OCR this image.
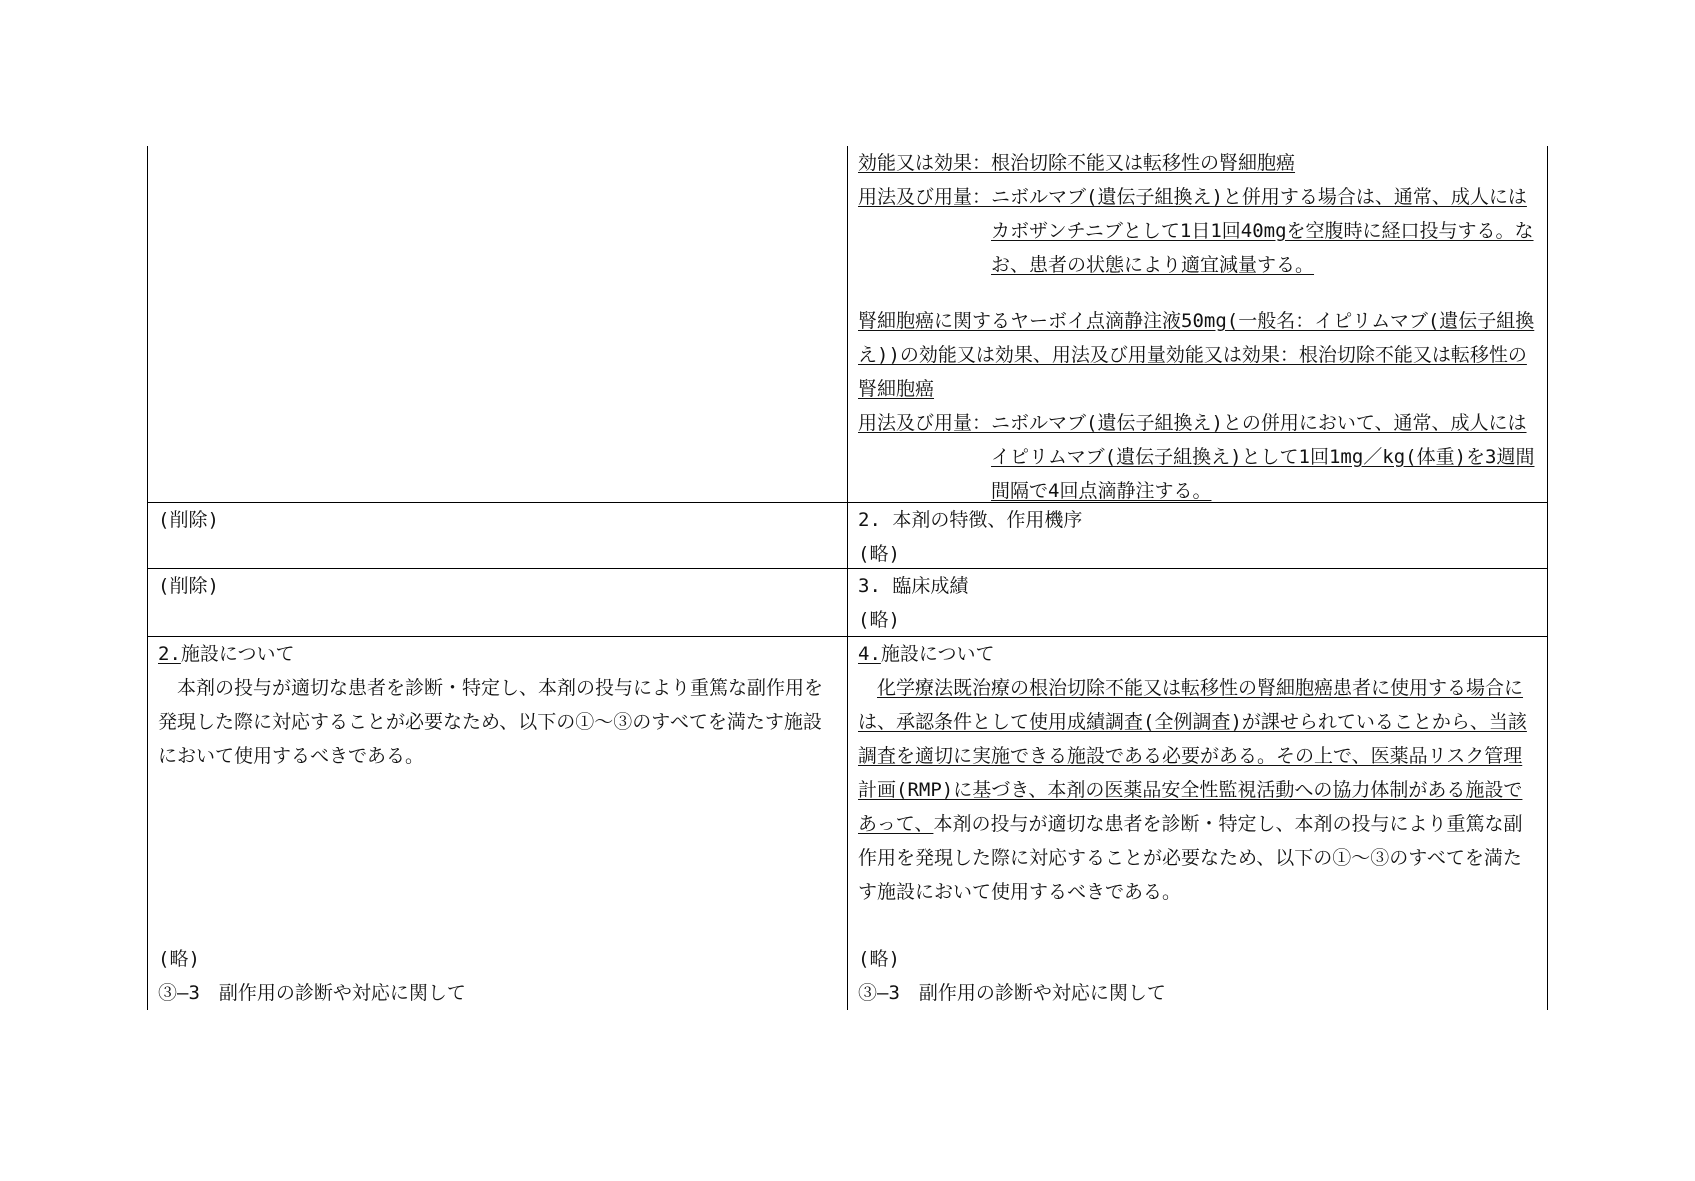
効能又は効果： 根治切除不能又は転移性の腎細胞癌
用法及び用量： ニボルマブ(遺伝子組換え)と併用する場合は、通常、成人にはカボザンチニブとして1日1回40mgを空腹時に経口投与する。なお、患者の状態により適宜減量する。
腎細胞癌に関するヤーボイ点滴静注液50mg(一般名：イピリムマブ(遺伝子組換え))の効能又は効果、用法及び用量効能又は効果：根治切除不能又は転移性の腎細胞癌
用法及び用量： ニボルマブ(遺伝子組換え)との併用において、通常、成人にはイピリムマブ(遺伝子組換え)として1回1mg／kg(体重)を3週間間隔で4回点滴静注する。
(削除)	2. 本剤の特徴、作用機序
(略)
(削除)	3. 臨床成績
(略)
2.施設について
本剤の投与が適切な患者を診断・特定し、本剤の投与により重篤な副作用を発現した際に対応することが必要なため、以下の①～③のすべてを満たす施設において使用するべきである。
(略)
③―3　副作用の診断や対応に関して
4.施設について
化学療法既治療の根治切除不能又は転移性の腎細胞癌患者に使用する場合には、承認条件として使用成績調査(全例調査)が課せられていることから、当該調査を適切に実施できる施設である必要がある。その上で、医薬品リスク管理計画(RMP)に基づき、本剤の医薬品安全性監視活動への協力体制がある施設であって、本剤の投与が適切な患者を診断・特定し、本剤の投与により重篤な副作用を発現した際に対応することが必要なため、以下の①～③のすべてを満たす施設において使用するべきである。
(略)
③―3　副作用の診断や対応に関して
